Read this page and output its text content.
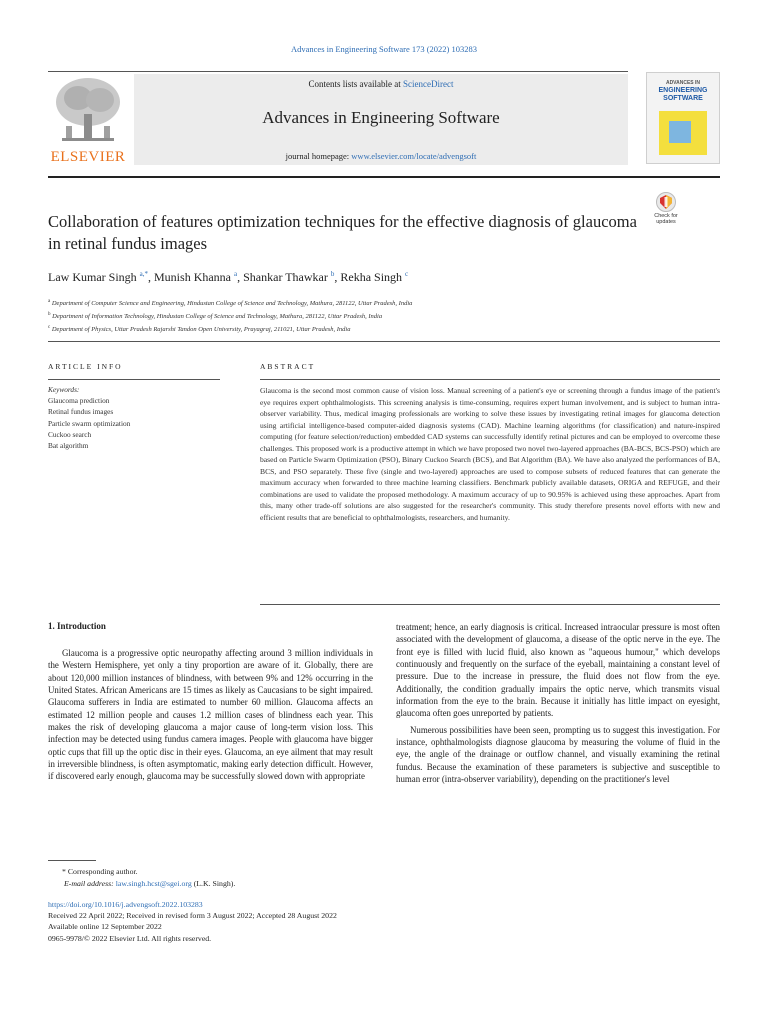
Advances in Engineering Software 173 (2022) 103283
ELSEVIER
Contents lists available at ScienceDirect
Advances in Engineering Software
journal homepage: www.elsevier.com/locate/advengsoft
ADVANCES IN
ENGINEERING
SOFTWARE
Check for
updates
Collaboration of features optimization techniques for the effective diagnosis of glaucoma in retinal fundus images
Law Kumar Singh $^{a,*}$, Munish Khanna $^a$, Shankar Thawkar $^b$, Rekha Singh $^c$
$^a$ Department of Computer Science and Engineering, Hindustan College of Science and Technology, Mathura, 281122, Uttar Pradesh, India
$^b$ Department of Information Technology, Hindustan College of Science and Technology, Mathura, 281122, Uttar Pradesh, India
$^c$ Department of Physics, Uttar Pradesh Rajarshi Tandon Open University, Prayagraj, 211021, Uttar Pradesh, India
ARTICLE INFO	ABSTRACT
Keywords:
Glaucoma prediction
Retinal fundus images
Particle swarm optimization
Cuckoo search
Bat algorithm
Glaucoma is the second most common cause of vision loss. Manual screening of a patient's eye or screening through a fundus image of the patient's eye requires expert ophthalmologists. This screening analysis is time-consuming, requires expert human involvement, and is subject to human intra-observer variability. Thus, medical imaging professionals are working to solve these issues by investigating retinal images for glaucoma detection using artificial intelligence-based computer-aided diagnosis systems (CAD). Machine learning algorithms (for classification) and nature-inspired computing (for feature selection/reduction) embedded CAD systems can successfully identify retinal pictures and can be employed to overcome these challenges. This proposed work is a productive attempt in which we have proposed two novel two-layered approaches (BA-BCS, BCS-PSO) which are based on Particle Swarm Optimization (PSO), Binary Cuckoo Search (BCS), and Bat Algorithm (BA). We have also analyzed the performances of BA, BCS, and PSO separately. These five (single and two-layered) approaches are used to compose subsets of reduced features that can generate the maximum accuracy when forwarded to three machine learning classifiers. Benchmark publicly available datasets, ORIGA and REFUGE, and their combinations are used to validate the proposed methodology. A maximum accuracy of up to 90.95% is achieved using these approaches. Apart from this, many other trade-off solutions are also suggested for the researcher's community. This study therefore presents novel efforts with new and efficient results that are beneficial to ophthalmologists, researchers, and humanity.
1. Introduction

Glaucoma is a progressive optic neuropathy affecting around 3 million individuals in the Western Hemisphere, yet only a tiny proportion are aware of it. Globally, there are about 120,000 million instances of blindness, with between 9% and 12% occurring in the United States. African Americans are 15 times as likely as Caucasians to be sight impaired. Glaucoma sufferers in India are estimated to number 60 million. Glaucoma affects an estimated 12 million people and causes 1.2 million cases of blindness each year. This makes the risk of developing glaucoma a major cause of long-term vision loss. This infection may be detected using fundus camera images. People with glaucoma have bigger optic cups that fill up the optic disc in their eyes. Glaucoma, an eye ailment that may result in irreversible blindness, is often asymptomatic, making early detection difficult. However, if discovered early enough, glaucoma may be successfully slowed down with appropriate

treatment; hence, an early diagnosis is critical. Increased intraocular pressure is most often associated with the development of glaucoma, a disease of the optic nerve in the eye. The front eye is filled with lucid fluid, also known as "aqueous humour," which develops continuously and frequently on the surface of the eyeball, maintaining a constant level of pressure. Due to the increase in pressure, the fluid does not flow from the eye. Additionally, the condition gradually impairs the optic nerve, which transmits visual information from the eye to the brain. Because it initially has little impact on eyesight, glaucoma often goes unreported by patients.

Numerous possibilities have been seen, prompting us to suggest this investigation. For instance, ophthalmologists diagnose glaucoma by measuring the volume of fluid in the eye, the angle of the drainage or outflow channel, and visually examining the retinal fundus. Because the examination of these parameters is subjective and susceptible to human error (intra-observer variability), depending on the practitioner's level

* Corresponding author.
E-mail address: law.singh.hcst@sgei.org (L.K. Singh).
https://doi.org/10.1016/j.advengsoft.2022.103283
Received 22 April 2022; Received in revised form 3 August 2022; Accepted 28 August 2022
Available online 12 September 2022
0965-9978/© 2022 Elsevier Ltd. All rights reserved.
